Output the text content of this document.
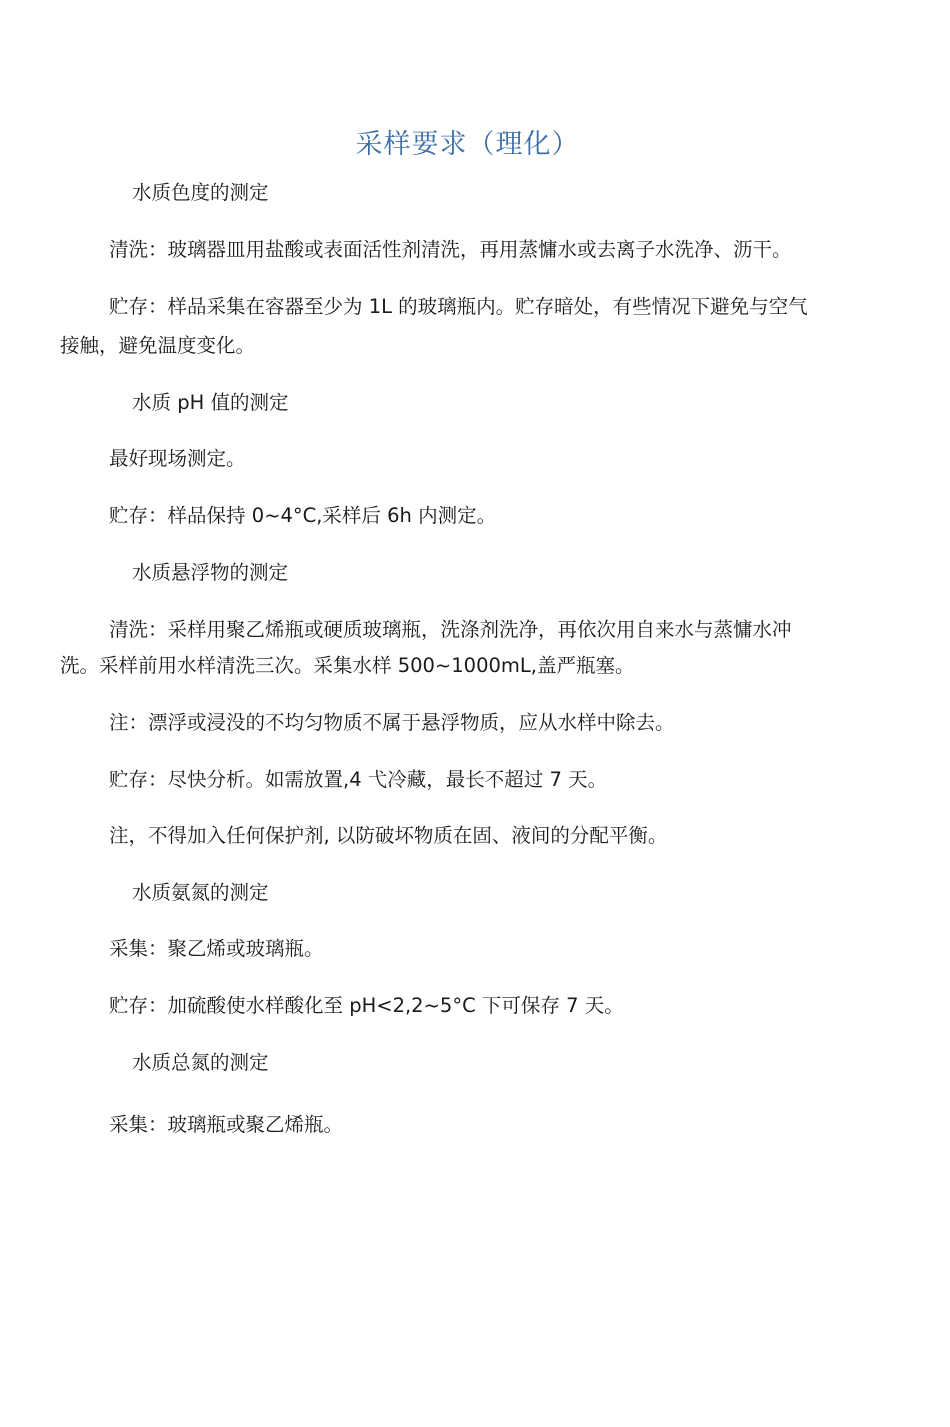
采样要求（理化）
水质色度的测定
清洗：玻璃器皿用盐酸或表面活性剂清洗，再用蒸慵水或去离子水洗净、沥干。
贮存：样品采集在容器至少为 1L 的玻璃瓶内。贮存暗处，有些情况下避免与空气
接触，避免温度变化。
水质 pH 值的测定
最好现场测定。
贮存：样品保持 0~4°C,采样后 6h 内测定。
水质悬浮物的测定
清洗：采样用聚乙烯瓶或硬质玻璃瓶，洗涤剂洗净，再依次用自来水与蒸慵水冲
洗。采样前用水样清洗三次。采集水样 500~1000mL,盖严瓶塞。
注：漂浮或浸没的不均匀物质不属于悬浮物质，应从水样中除去。
贮存：尽快分析。如需放置,4 弋冷藏，最长不超过 7 天。
注，不得加入任何保护剂, 以防破坏物质在固、液间的分配平衡。
水质氨氮的测定
采集：聚乙烯或玻璃瓶。
贮存：加硫酸使水样酸化至 pH<2,2~5°C 下可保存 7 天。
水质总氮的测定
采集：玻璃瓶或聚乙烯瓶。
